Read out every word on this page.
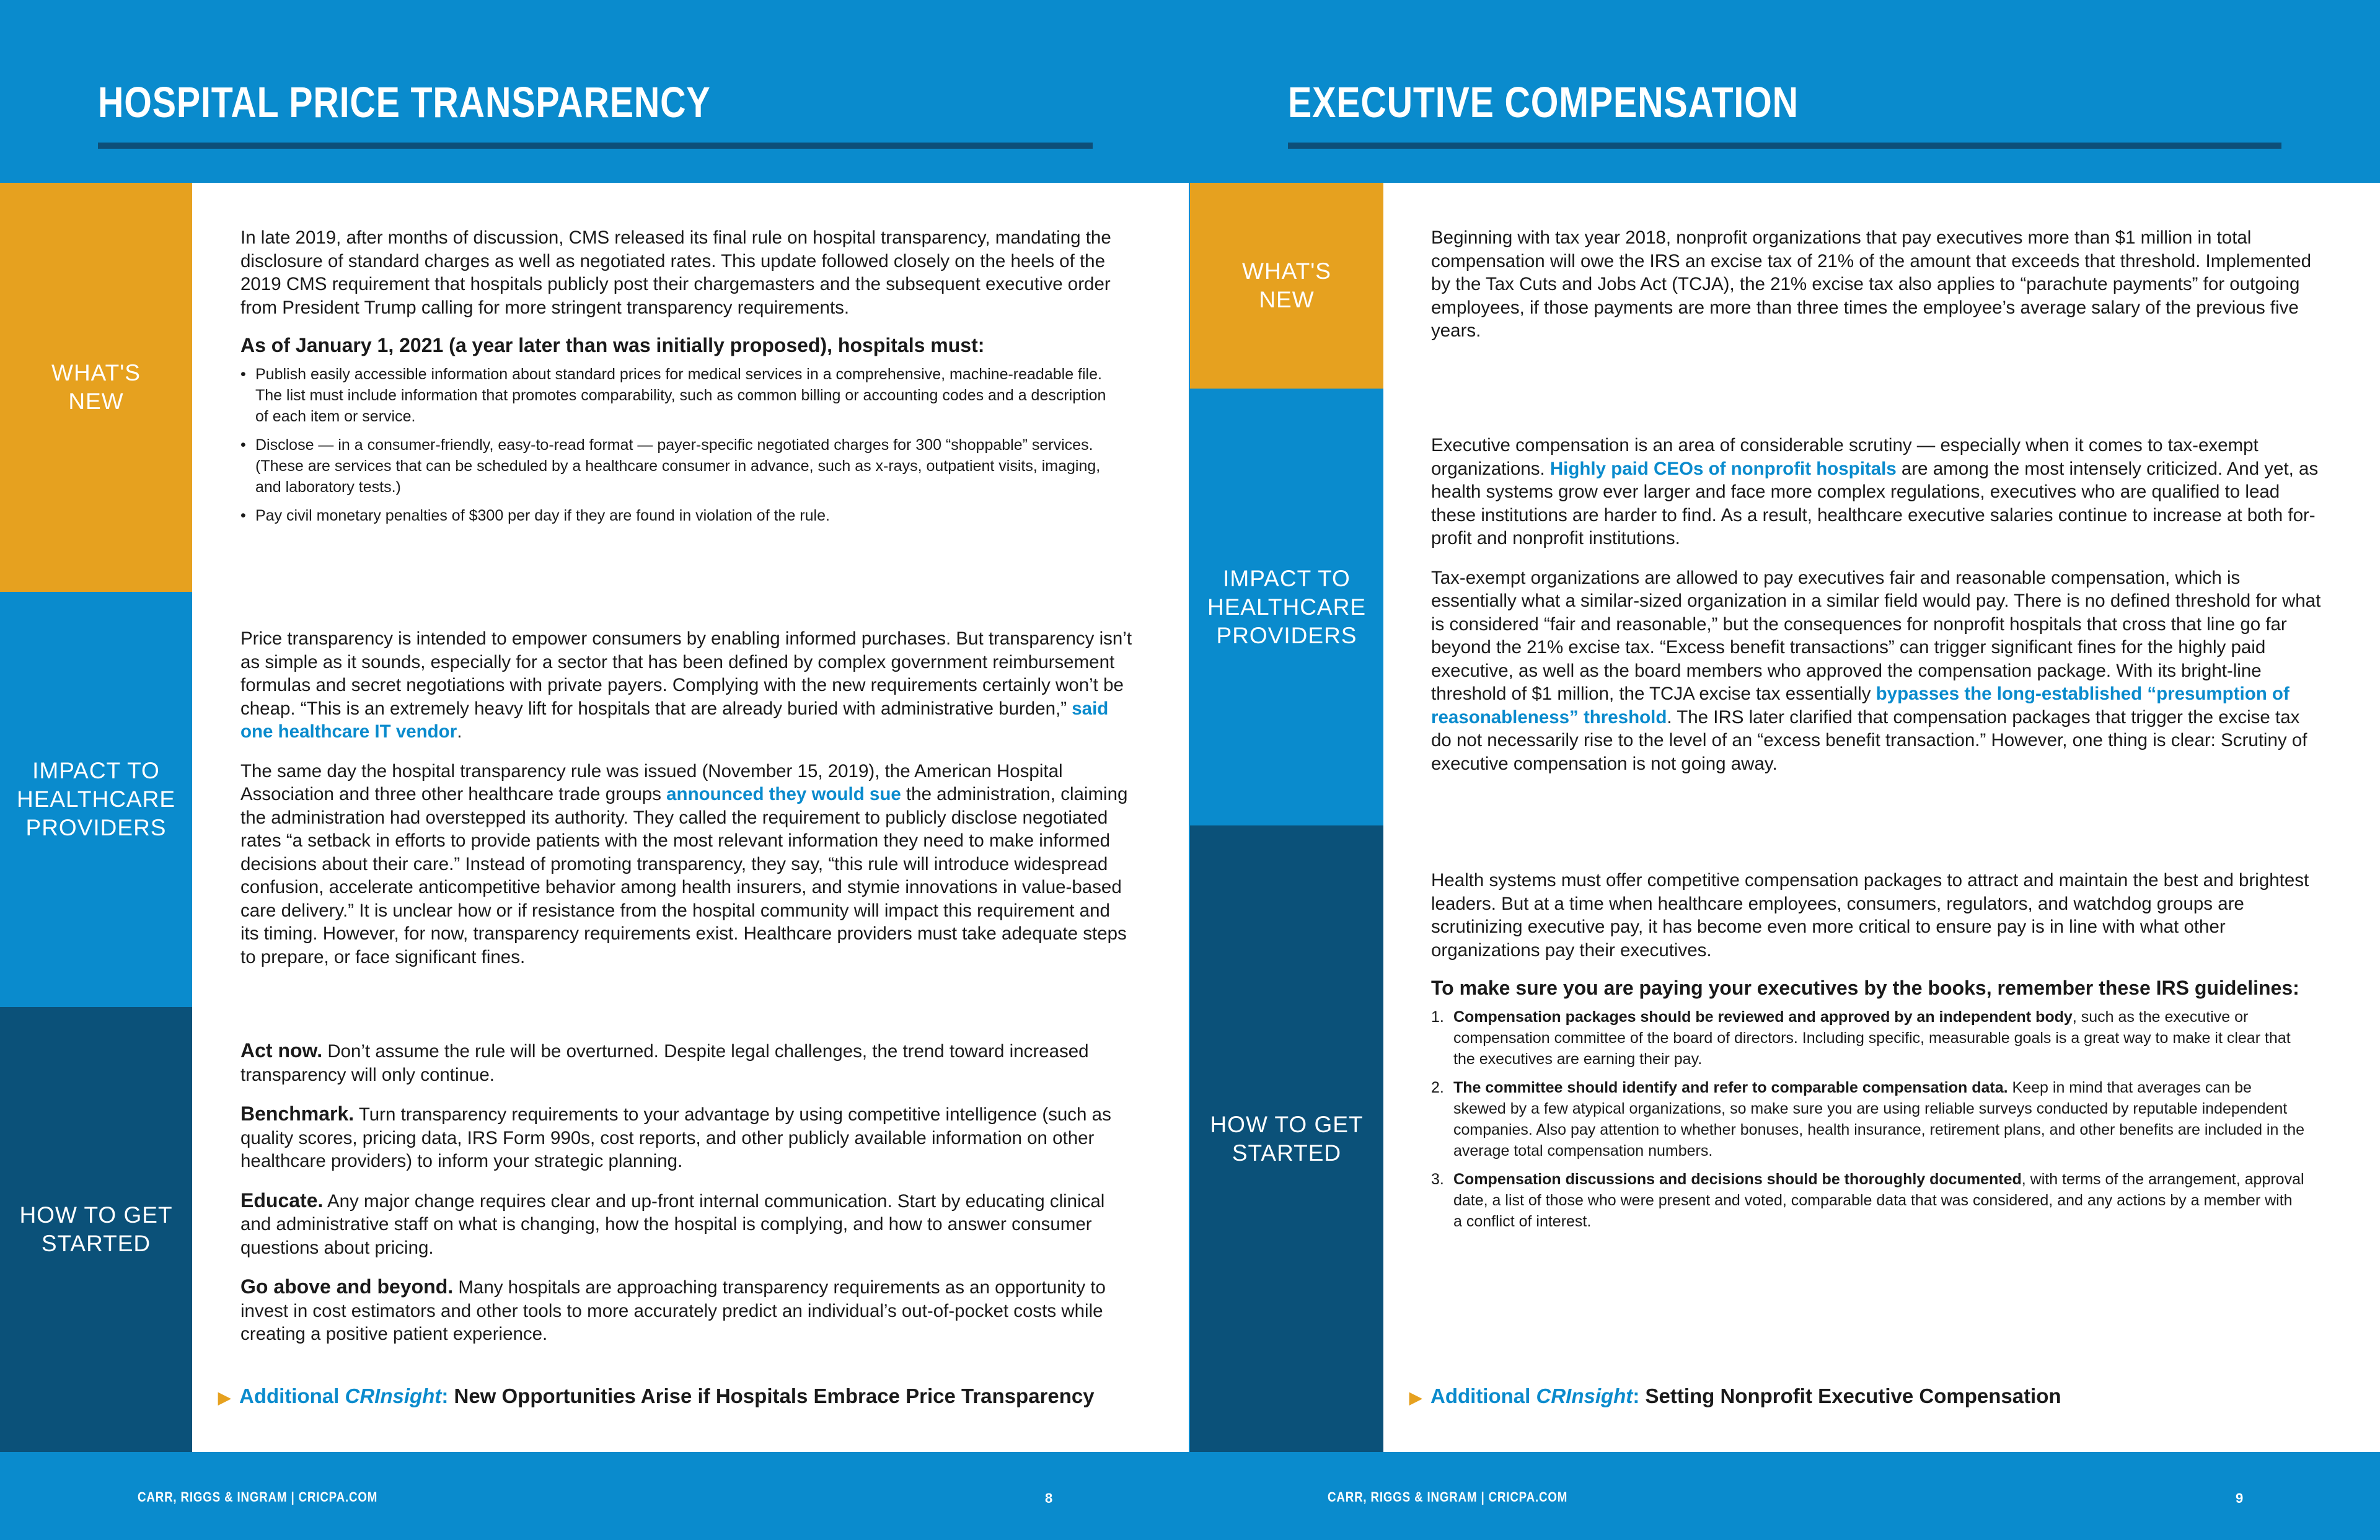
HOSPITAL PRICE TRANSPARENCY
WHAT'S NEW
IMPACT TO HEALTHCARE PROVIDERS
HOW TO GET STARTED

In late 2019, after months of discussion, CMS released its final rule on hospital transparency, mandating the disclosure of standard charges as well as negotiated rates. This update followed closely on the heels of the 2019 CMS requirement that hospitals publicly post their chargemasters and the subsequent executive order from President Trump calling for more stringent transparency requirements.

As of January 1, 2021 (a year later than was initially proposed), hospitals must:

• Publish easily accessible information about standard prices for medical services in a comprehensive, machine-readable file. The list must include information that promotes comparability, such as common billing or accounting codes and a description of each item or service.
• Disclose — in a consumer-friendly, easy-to-read format — payer-specific negotiated charges for 300 “shoppable” services. (These are services that can be scheduled by a healthcare consumer in advance, such as x-rays, outpatient visits, imaging, and laboratory tests.)
• Pay civil monetary penalties of $300 per day if they are found in violation of the rule.

Price transparency is intended to empower consumers by enabling informed purchases. But transparency isn’t as simple as it sounds, especially for a sector that has been defined by complex government reimbursement formulas and secret negotiations with private payers. Complying with the new requirements certainly won’t be cheap. “This is an extremely heavy lift for hospitals that are already buried with administrative burden,” said one healthcare IT vendor.

The same day the hospital transparency rule was issued (November 15, 2019), the American Hospital Association and three other healthcare trade groups announced they would sue the administration, claiming the administration had overstepped its authority. They called the requirement to publicly disclose negotiated rates “a setback in efforts to provide patients with the most relevant information they need to make informed decisions about their care.” Instead of promoting transparency, they say, “this rule will introduce widespread confusion, accelerate anticompetitive behavior among health insurers, and stymie innovations in value-based care delivery.” It is unclear how or if resistance from the hospital community will impact this requirement and its timing. However, for now, transparency requirements exist. Healthcare providers must take adequate steps to prepare, or face significant fines.

Act now. Don’t assume the rule will be overturned. Despite legal challenges, the trend toward increased transparency will only continue.

Benchmark. Turn transparency requirements to your advantage by using competitive intelligence (such as quality scores, pricing data, IRS Form 990s, cost reports, and other publicly available information on other healthcare providers) to inform your strategic planning.

Educate. Any major change requires clear and up-front internal communication. Start by educating clinical and administrative staff on what is changing, how the hospital is complying, and how to answer consumer questions about pricing.

Go above and beyond. Many hospitals are approaching transparency requirements as an opportunity to invest in cost estimators and other tools to more accurately predict an individual’s out-of-pocket costs while creating a positive patient experience.

▶ Additional CRInsight: New Opportunities Arise if Hospitals Embrace Price Transparency
CARR, RIGGS & INGRAM | CRICPA.COM	8
EXECUTIVE COMPENSATION
WHAT'S NEW
IMPACT TO HEALTHCARE PROVIDERS
HOW TO GET STARTED

Beginning with tax year 2018, nonprofit organizations that pay executives more than $1 million in total compensation will owe the IRS an excise tax of 21% of the amount that exceeds that threshold. Implemented by the Tax Cuts and Jobs Act (TCJA), the 21% excise tax also applies to “parachute payments” for outgoing employees, if those payments are more than three times the employee’s average salary of the previous five years.

Executive compensation is an area of considerable scrutiny — especially when it comes to tax-exempt organizations. Highly paid CEOs of nonprofit hospitals are among the most intensely criticized. And yet, as health systems grow ever larger and face more complex regulations, executives who are qualified to lead these institutions are harder to find. As a result, healthcare executive salaries continue to increase at both for-profit and nonprofit institutions.

Tax-exempt organizations are allowed to pay executives fair and reasonable compensation, which is essentially what a similar-sized organization in a similar field would pay. There is no defined threshold for what is considered “fair and reasonable,” but the consequences for nonprofit hospitals that cross that line go far beyond the 21% excise tax. “Excess benefit transactions” can trigger significant fines for the highly paid executive, as well as the board members who approved the compensation package. With its bright-line threshold of $1 million, the TCJA excise tax essentially bypasses the long-established “presumption of reasonableness” threshold. The IRS later clarified that compensation packages that trigger the excise tax do not necessarily rise to the level of an “excess benefit transaction.” However, one thing is clear: Scrutiny of executive compensation is not going away.

Health systems must offer competitive compensation packages to attract and maintain the best and brightest leaders. But at a time when healthcare employees, consumers, regulators, and watchdog groups are scrutinizing executive pay, it has become even more critical to ensure pay is in line with what other organizations pay their executives.

To make sure you are paying your executives by the books, remember these IRS guidelines:

1. Compensation packages should be reviewed and approved by an independent body, such as the executive or compensation committee of the board of directors. Including specific, measurable goals is a great way to make it clear that the executives are earning their pay.
2. The committee should identify and refer to comparable compensation data. Keep in mind that averages can be skewed by a few atypical organizations, so make sure you are using reliable surveys conducted by reputable independent companies. Also pay attention to whether bonuses, health insurance, retirement plans, and other benefits are included in the average total compensation numbers.
3. Compensation discussions and decisions should be thoroughly documented, with terms of the arrangement, approval date, a list of those who were present and voted, comparable data that was considered, and any actions by a member with a conflict of interest.
▶ Additional CRInsight: Setting Nonprofit Executive Compensation
CARR, RIGGS & INGRAM | CRICPA.COM	9
